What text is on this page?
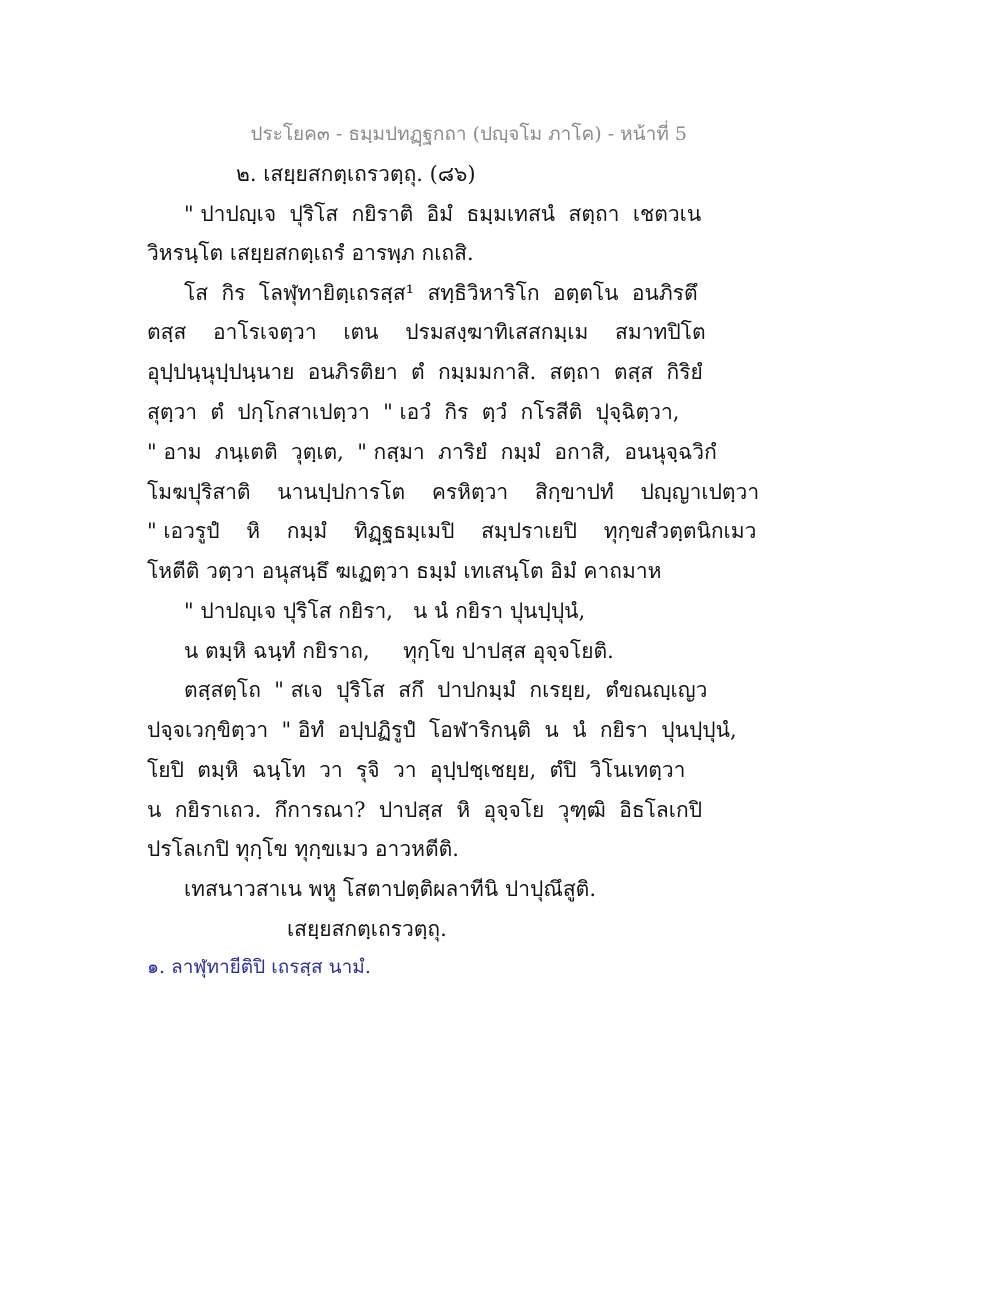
ประโยค๓ - ธมฺมปทฏฺฐกถา (ปญฺจโม ภาโค) - หน้าที่ 5
๒. เสยฺยสกตฺเถรวตฺถุ. (๘๖)
" ปาปญฺเจ  ปุริโส  กยิราติ  อิมํ  ธมฺมเทสนํ  สตฺถา  เชตวเน
วิหรนฺโต เสยฺยสกตฺเถรํ อารพฺภ กเถสิ.
โส  กิร  โลฬุทายิตฺเถรสฺส¹  สทฺธิวิหาริโก  อตฺตโน  อนภิรตึ
ตสฺส    อาโรเจตฺวา    เตน    ปรมสงฺฆาทิเสสกมฺเม    สมาทปิโต
อุปฺปนฺนุปฺปนฺนาย  อนภิรติยา  ตํ  กมฺมมกาสิ.  สตฺถา  ตสฺส  กิริยํ
สุตฺวา  ตํ  ปกฺโกสาเปตฺวา  " เอวํ  กิร  ตฺวํ  กโรสีติ  ปุจฺฉิตฺวา,
" อาม  ภนฺเตติ  วุตฺเต,  " กสฺมา  ภาริยํ  กมฺมํ  อกาสิ,  อนนุจฺฉวิกํ
โมฆปุริสาติ    นานปฺปการโต    ครหิตฺวา    สิกฺขาปทํ    ปญฺญาเปตฺวา
" เอวรูปํ    หิ    กมฺมํ    ทิฏฺฐธมฺเมปิ    สมฺปราเยปิ    ทุกฺขสํวตฺตนิกเมว
โหตีติ วตฺวา อนุสนฺธึ ฆเฏตฺวา ธมฺมํ เทเสนฺโต อิมํ คาถมาห
" ปาปญฺเจ ปุริโส กยิรา,   น นํ กยิรา ปุนปฺปุนํ,
น ตมฺหิ ฉนฺทํ กยิราถ,     ทุกฺโข ปาปสฺส อุจฺจโยติ.
ตสฺสตฺโถ  " สเจ  ปุริโส  สกึ  ปาปกมฺมํ  กเรยฺย,  ตํขณญฺเญว
ปจฺจเวกฺขิตฺวา  " อิทํ  อปฺปฏิรูปํ  โอฬาริกนฺติ  น  นํ  กยิรา  ปุนปฺปุนํ,
โยปิ  ตมฺหิ  ฉนฺโท  วา  รุจิ  วา  อุปฺปชฺเชยฺย,  ตํปิ  วิโนเทตฺวา
น  กยิราเถว.  กึการณา?  ปาปสฺส  หิ  อุจฺจโย  วุฑฺฒิ  อิธโลเกปิ
ปรโลเกปิ ทุกฺโข ทุกฺขเมว อาวหตีติ.
เทสนาวสาเน พหู โสตาปตฺติผลาทีนิ ปาปุณึสูติ.
เสยฺยสกตฺเถรวตฺถุ.
๑. ลาฬุทายีติปิ เถรสฺส นามํ.
